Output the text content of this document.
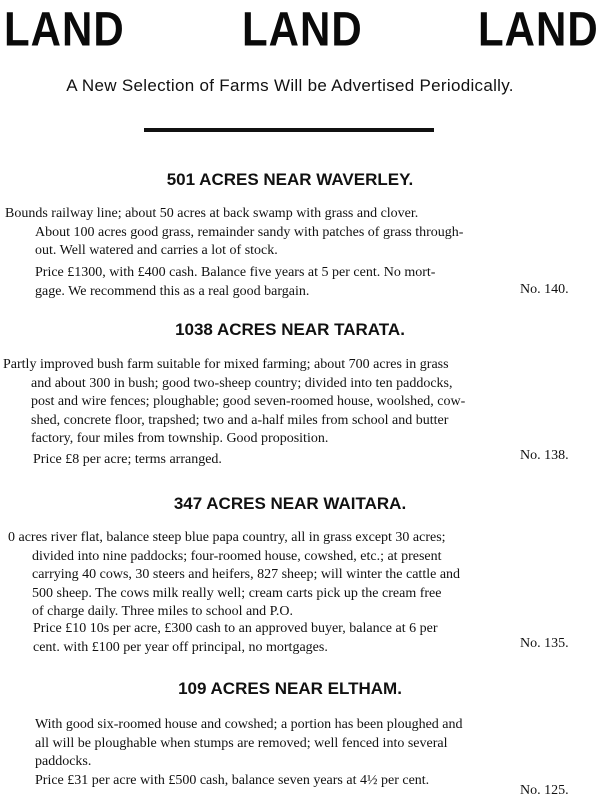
LAND	LAND	LAND
A New Selection of Farms Will be Advertised Periodically.
501 ACRES NEAR WAVERLEY.
Bounds railway line; about 50 acres at back swamp with grass and clover.
About 100 acres good grass, remainder sandy with patches of grass through-
out. Well watered and carries a lot of stock.
Price £1300, with £400 cash. Balance five years at 5 per cent. No mort-
gage. We recommend this as a real good bargain.	No. 140.
1038 ACRES NEAR TARATA.
Partly improved bush farm suitable for mixed farming; about 700 acres in grass
and about 300 in bush; good two-sheep country; divided into ten paddocks,
post and wire fences; ploughable; good seven-roomed house, woolshed, cow-
shed, concrete floor, trapshed; two and a-half miles from school and butter
factory, four miles from township. Good proposition.
Price £8 per acre; terms arranged.	No. 138.
347 ACRES NEAR WAITARA.
0 acres river flat, balance steep blue papa country, all in grass except 30 acres;
divided into nine paddocks; four-roomed house, cowshed, etc.; at present
carrying 40 cows, 30 steers and heifers, 827 sheep; will winter the cattle and
500 sheep. The cows milk really well; cream carts pick up the cream free
of charge daily. Three miles to school and P.O.
Price £10 10s per acre, £300 cash to an approved buyer, balance at 6 per
cent. with £100 per year off principal, no mortgages.	No. 135.
109 ACRES NEAR ELTHAM.
With good six-roomed house and cowshed; a portion has been ploughed and
all will be ploughable when stumps are removed; well fenced into several
paddocks.
Price £31 per acre with £500 cash, balance seven years at 4½ per cent.
No. 125.
